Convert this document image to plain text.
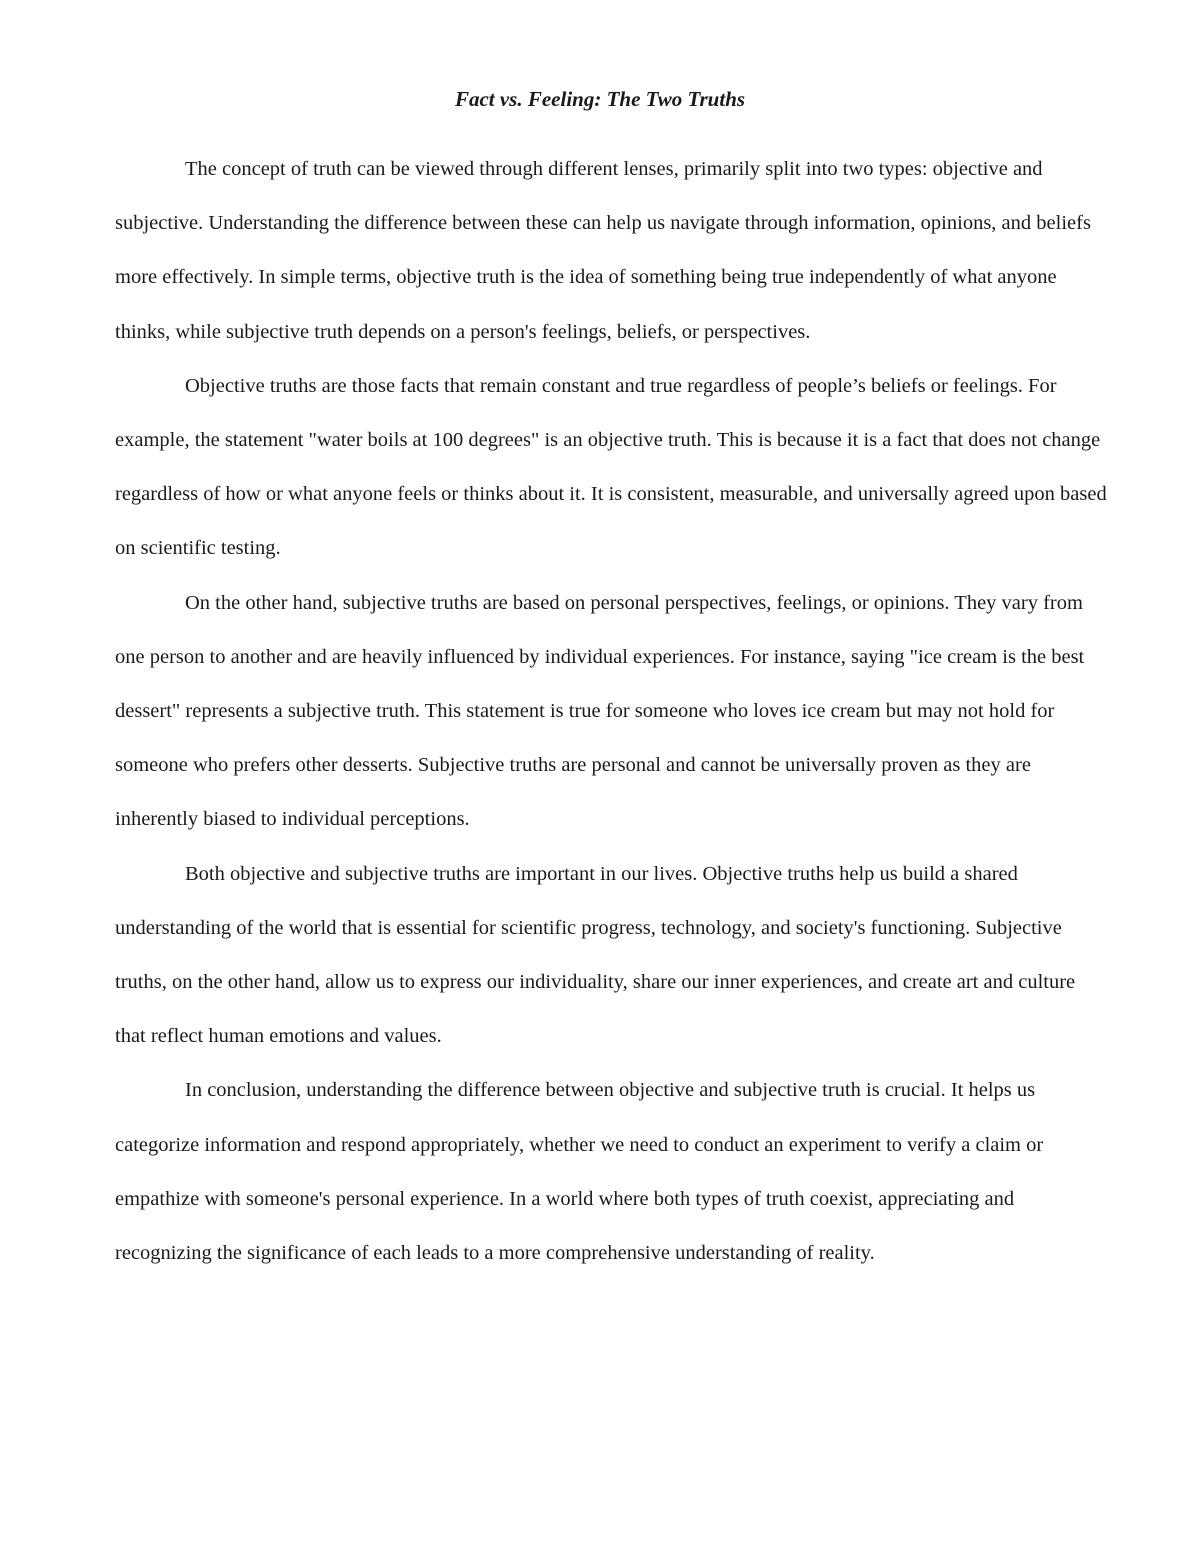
Fact vs. Feeling: The Two Truths

The concept of truth can be viewed through different lenses, primarily split into two types: objective and subjective. Understanding the difference between these can help us navigate through information, opinions, and beliefs more effectively. In simple terms, objective truth is the idea of something being true independently of what anyone thinks, while subjective truth depends on a person's feelings, beliefs, or perspectives.

Objective truths are those facts that remain constant and true regardless of people’s beliefs or feelings. For example, the statement "water boils at 100 degrees" is an objective truth. This is because it is a fact that does not change regardless of how or what anyone feels or thinks about it. It is consistent, measurable, and universally agreed upon based on scientific testing.

On the other hand, subjective truths are based on personal perspectives, feelings, or opinions. They vary from one person to another and are heavily influenced by individual experiences. For instance, saying "ice cream is the best dessert" represents a subjective truth. This statement is true for someone who loves ice cream but may not hold for someone who prefers other desserts. Subjective truths are personal and cannot be universally proven as they are inherently biased to individual perceptions.

Both objective and subjective truths are important in our lives. Objective truths help us build a shared understanding of the world that is essential for scientific progress, technology, and society's functioning. Subjective truths, on the other hand, allow us to express our individuality, share our inner experiences, and create art and culture that reflect human emotions and values.

In conclusion, understanding the difference between objective and subjective truth is crucial. It helps us categorize information and respond appropriately, whether we need to conduct an experiment to verify a claim or empathize with someone's personal experience. In a world where both types of truth coexist, appreciating and recognizing the significance of each leads to a more comprehensive understanding of reality.
